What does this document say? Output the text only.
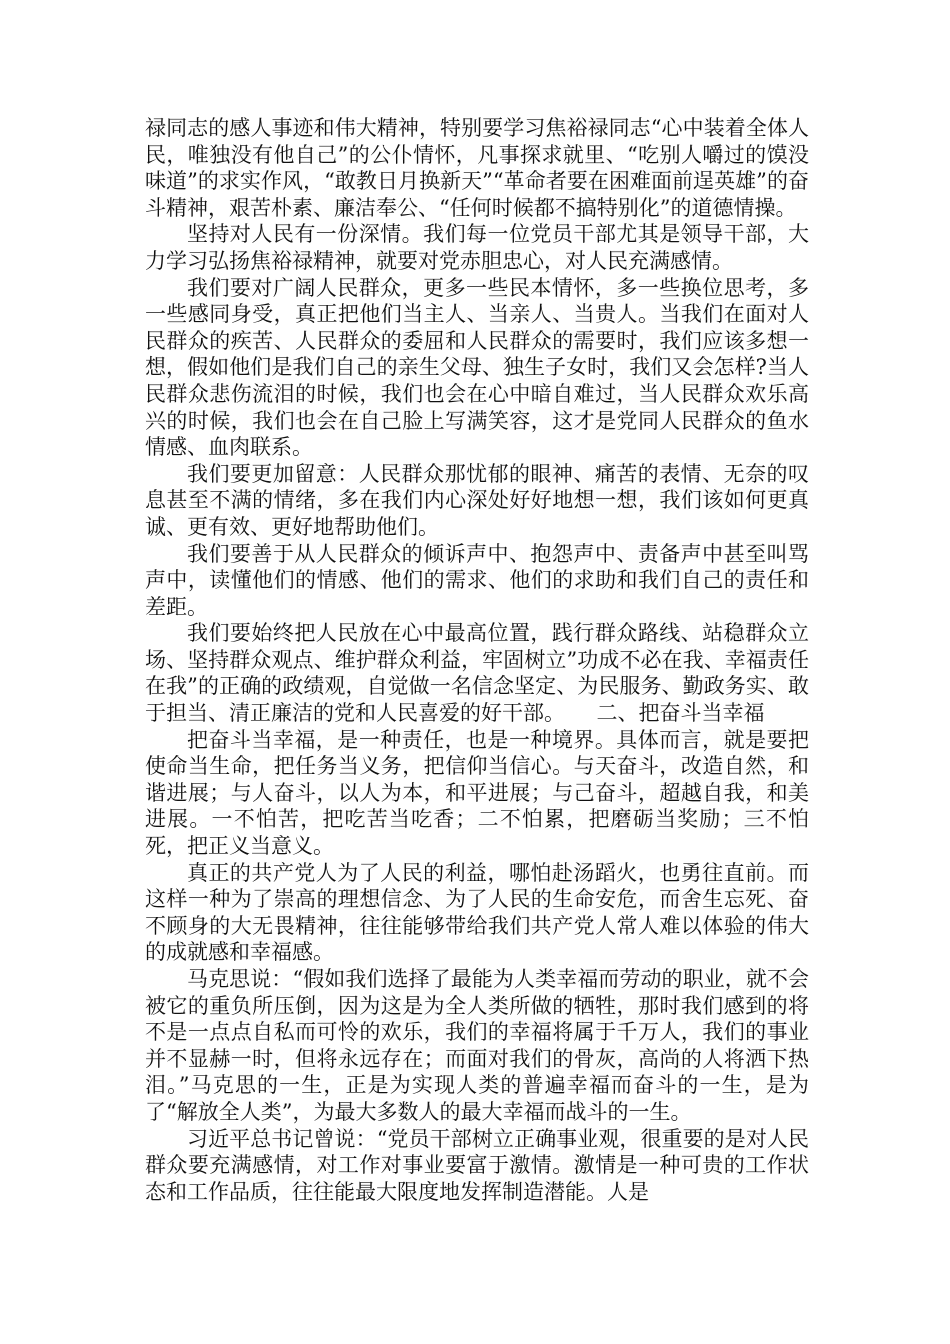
禄同志的感人事迹和伟大精神，特别要学习焦裕禄同志“心中装着全体人民，唯独没有他自己”的公仆情怀，凡事探求就里、“吃别人嚼过的馍没味道”的求实作风，“敢教日月换新天”“革命者要在困难面前逞英雄”的奋斗精神，艰苦朴素、廉洁奉公、“任何时候都不搞特别化”的道德情操。

坚持对人民有一份深情。我们每一位党员干部尤其是领导干部，大力学习弘扬焦裕禄精神，就要对党赤胆忠心，对人民充满感情。

我们要对广阔人民群众，更多一些民本情怀，多一些换位思考，多一些感同身受，真正把他们当主人、当亲人、当贵人。当我们在面对人民群众的疾苦、人民群众的委屈和人民群众的需要时，我们应该多想一想，假如他们是我们自己的亲生父母、独生子女时，我们又会怎样?当人民群众悲伤流泪的时候，我们也会在心中暗自难过，当人民群众欢乐高兴的时候，我们也会在自己脸上写满笑容，这才是党同人民群众的鱼水情感、血肉联系。

我们要更加留意：人民群众那忧郁的眼神、痛苦的表情、无奈的叹息甚至不满的情绪，多在我们内心深处好好地想一想，我们该如何更真诚、更有效、更好地帮助他们。

我们要善于从人民群众的倾诉声中、抱怨声中、责备声中甚至叫骂声中，读懂他们的情感、他们的需求、他们的求助和我们自己的责任和差距。

我们要始终把人民放在心中最高位置，践行群众路线、站稳群众立场、坚持群众观点、维护群众利益，牢固树立”功成不必在我、幸福责任在我”的正确的政绩观，自觉做一名信念坚定、为民服务、勤政务实、敢于担当、清正廉洁的党和人民喜爱的好干部。　　二、把奋斗当幸福

把奋斗当幸福，是一种责任，也是一种境界。具体而言，就是要把使命当生命，把任务当义务，把信仰当信心。与天奋斗，改造自然，和谐进展；与人奋斗，以人为本，和平进展；与己奋斗，超越自我，和美进展。一不怕苦，把吃苦当吃香；二不怕累，把磨砺当奖励；三不怕死，把正义当意义。

真正的共产党人为了人民的利益，哪怕赴汤蹈火，也勇往直前。而这样一种为了崇高的理想信念、为了人民的生命安危，而舍生忘死、奋不顾身的大无畏精神，往往能够带给我们共产党人常人难以体验的伟大的成就感和幸福感。

马克思说：“假如我们选择了最能为人类幸福而劳动的职业，就不会被它的重负所压倒，因为这是为全人类所做的牺牲，那时我们感到的将不是一点点自私而可怜的欢乐，我们的幸福将属于千万人，我们的事业并不显赫一时，但将永远存在；而面对我们的骨灰，高尚的人将洒下热泪。”马克思的一生，正是为实现人类的普遍幸福而奋斗的一生，是为了“解放全人类”，为最大多数人的最大幸福而战斗的一生。

习近平总书记曾说：“党员干部树立正确事业观，很重要的是对人民群众要充满感情，对工作对事业要富于激情。激情是一种可贵的工作状态和工作品质，往往能最大限度地发挥制造潜能。人是
